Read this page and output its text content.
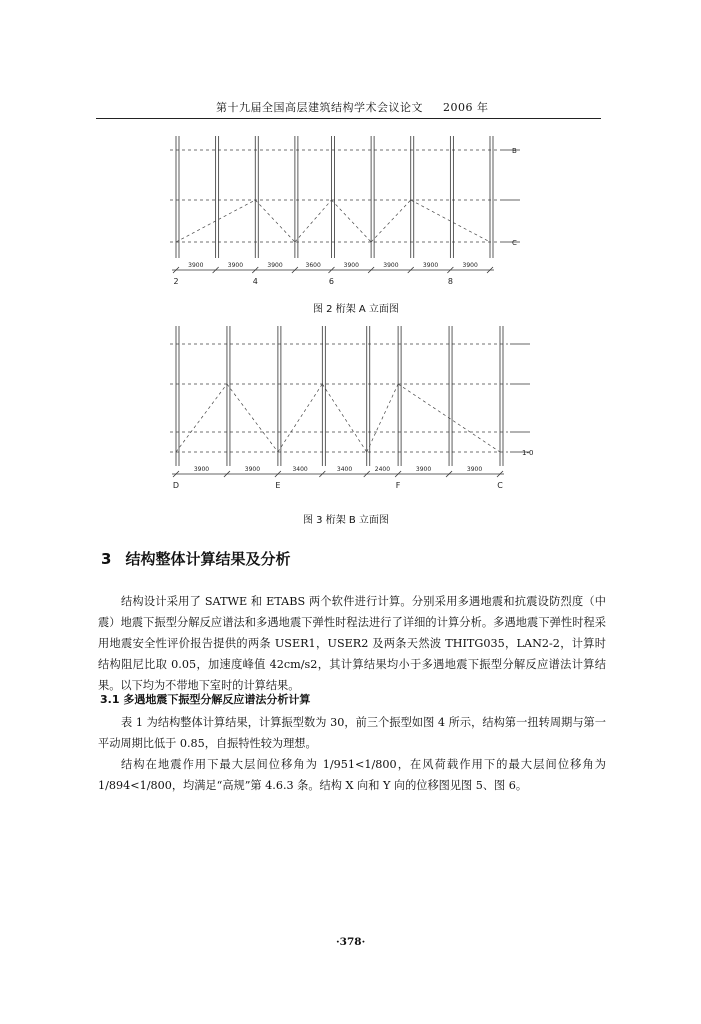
第十九届全国高层建筑结构学术会议论文 2006 年
3900	3900	3900	3600	3900	3900	3900	3900
2	4	6	8
B
C
图 2 桁架 A 立面图
3900	3900	3400	3400	2400	3900	3900
D	E	F	C
1-0
图 3 桁架 B 立面图
3 结构整体计算结果及分析
结构设计采用了 SATWE 和 ETABS 两个软件进行计算。分别采用多遇地震和抗震设防烈度（中震）地震下振型分解反应谱法和多遇地震下弹性时程法进行了详细的计算分析。多遇地震下弹性时程采用地震安全性评价报告提供的两条 USER1，USER2 及两条天然波 THITG035，LAN2-2，计算时结构阻尼比取 0.05，加速度峰值 42cm/s2，其计算结果均小于多遇地震下振型分解反应谱法计算结果。以下均为不带地下室时的计算结果。
3.1 多遇地震下振型分解反应谱法分析计算
表 1 为结构整体计算结果，计算振型数为 30，前三个振型如图 4 所示，结构第一扭转周期与第一平动周期比低于 0.85，自振特性较为理想。
结构在地震作用下最大层间位移角为 1/951<1/800，在风荷载作用下的最大层间位移角为 1/894<1/800，均满足“高规”第 4.6.3 条。结构 X 向和 Y 向的位移图见图 5、图 6。
·378·
